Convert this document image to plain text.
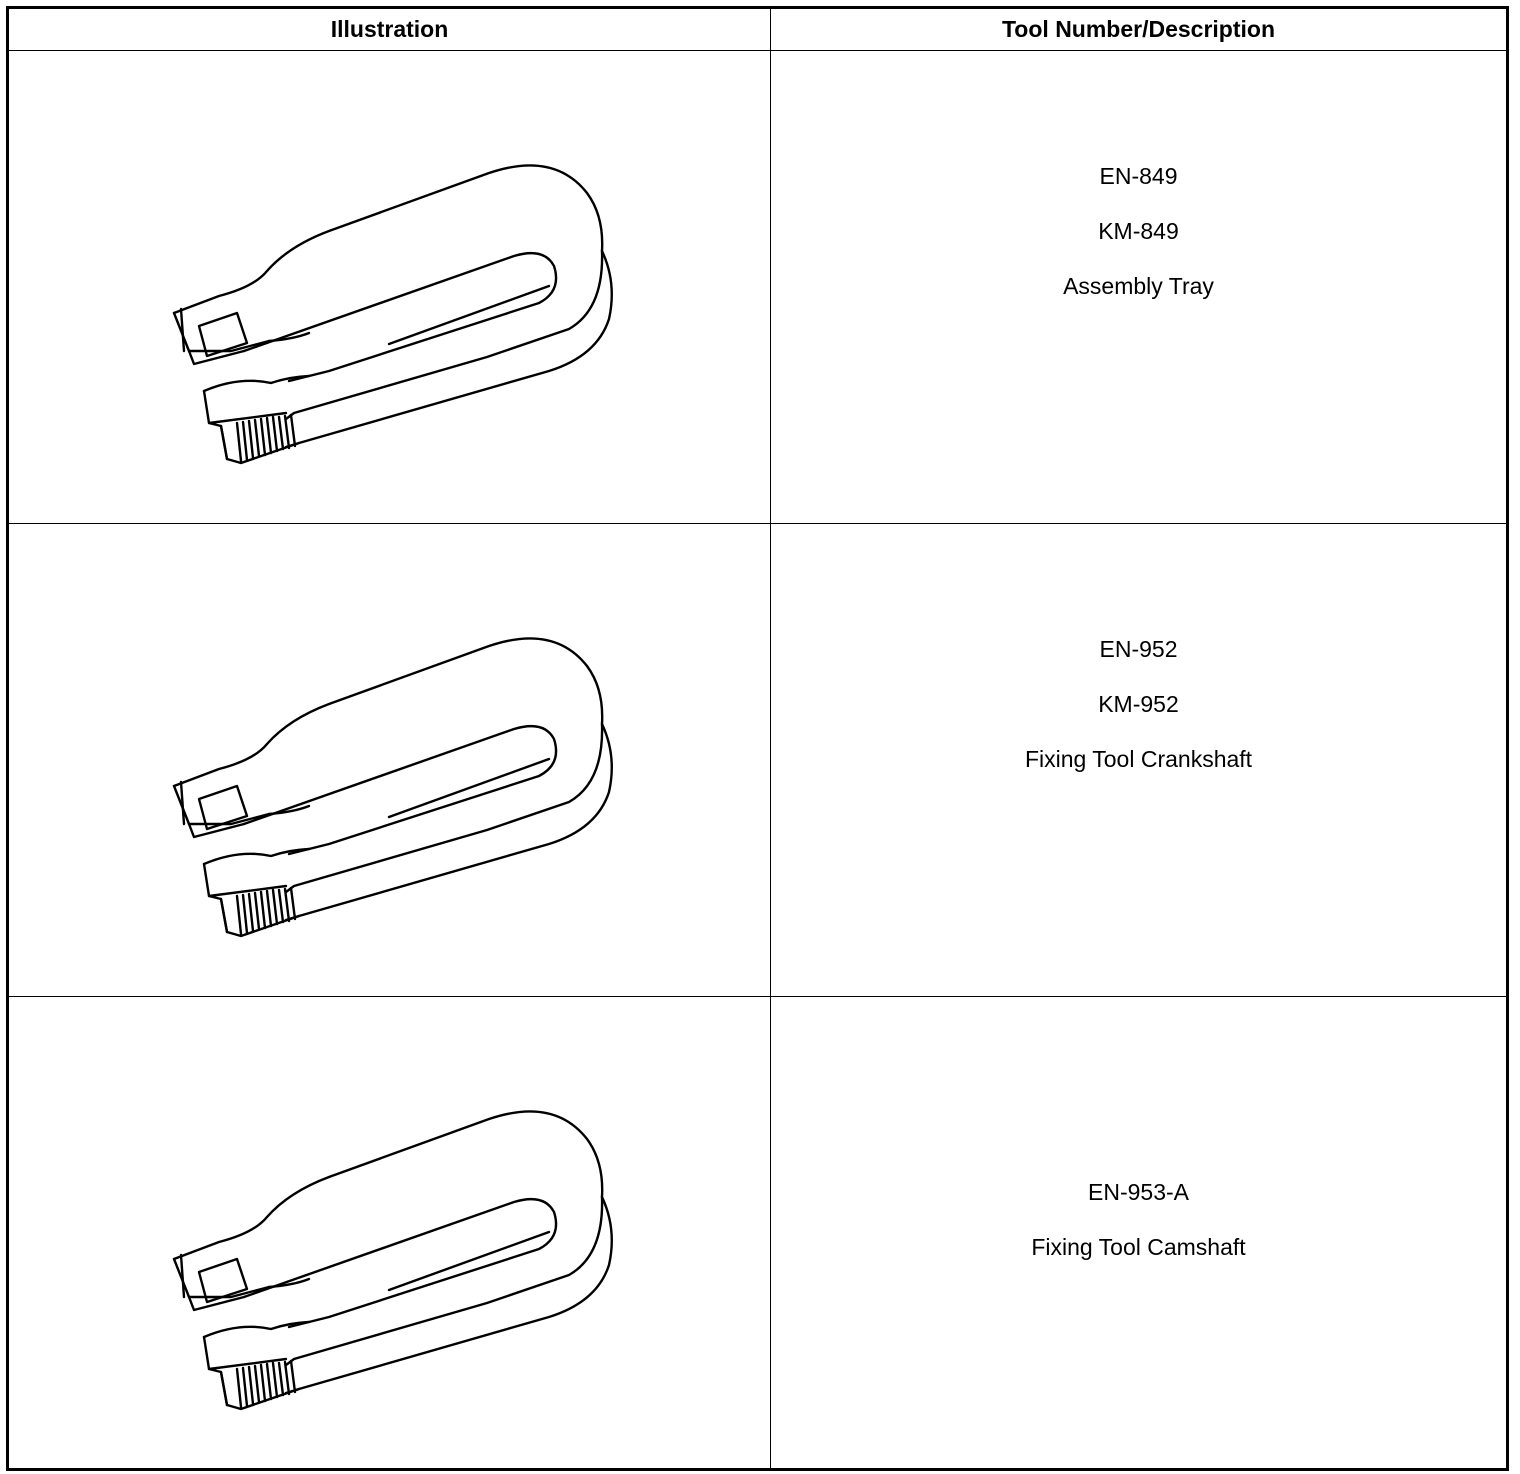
Illustration	Tool Number/Description

EN-849
KM-849
Assembly Tray

EN-952
KM-952
Fixing Tool Crankshaft

EN-953-A
Fixing Tool Camshaft
